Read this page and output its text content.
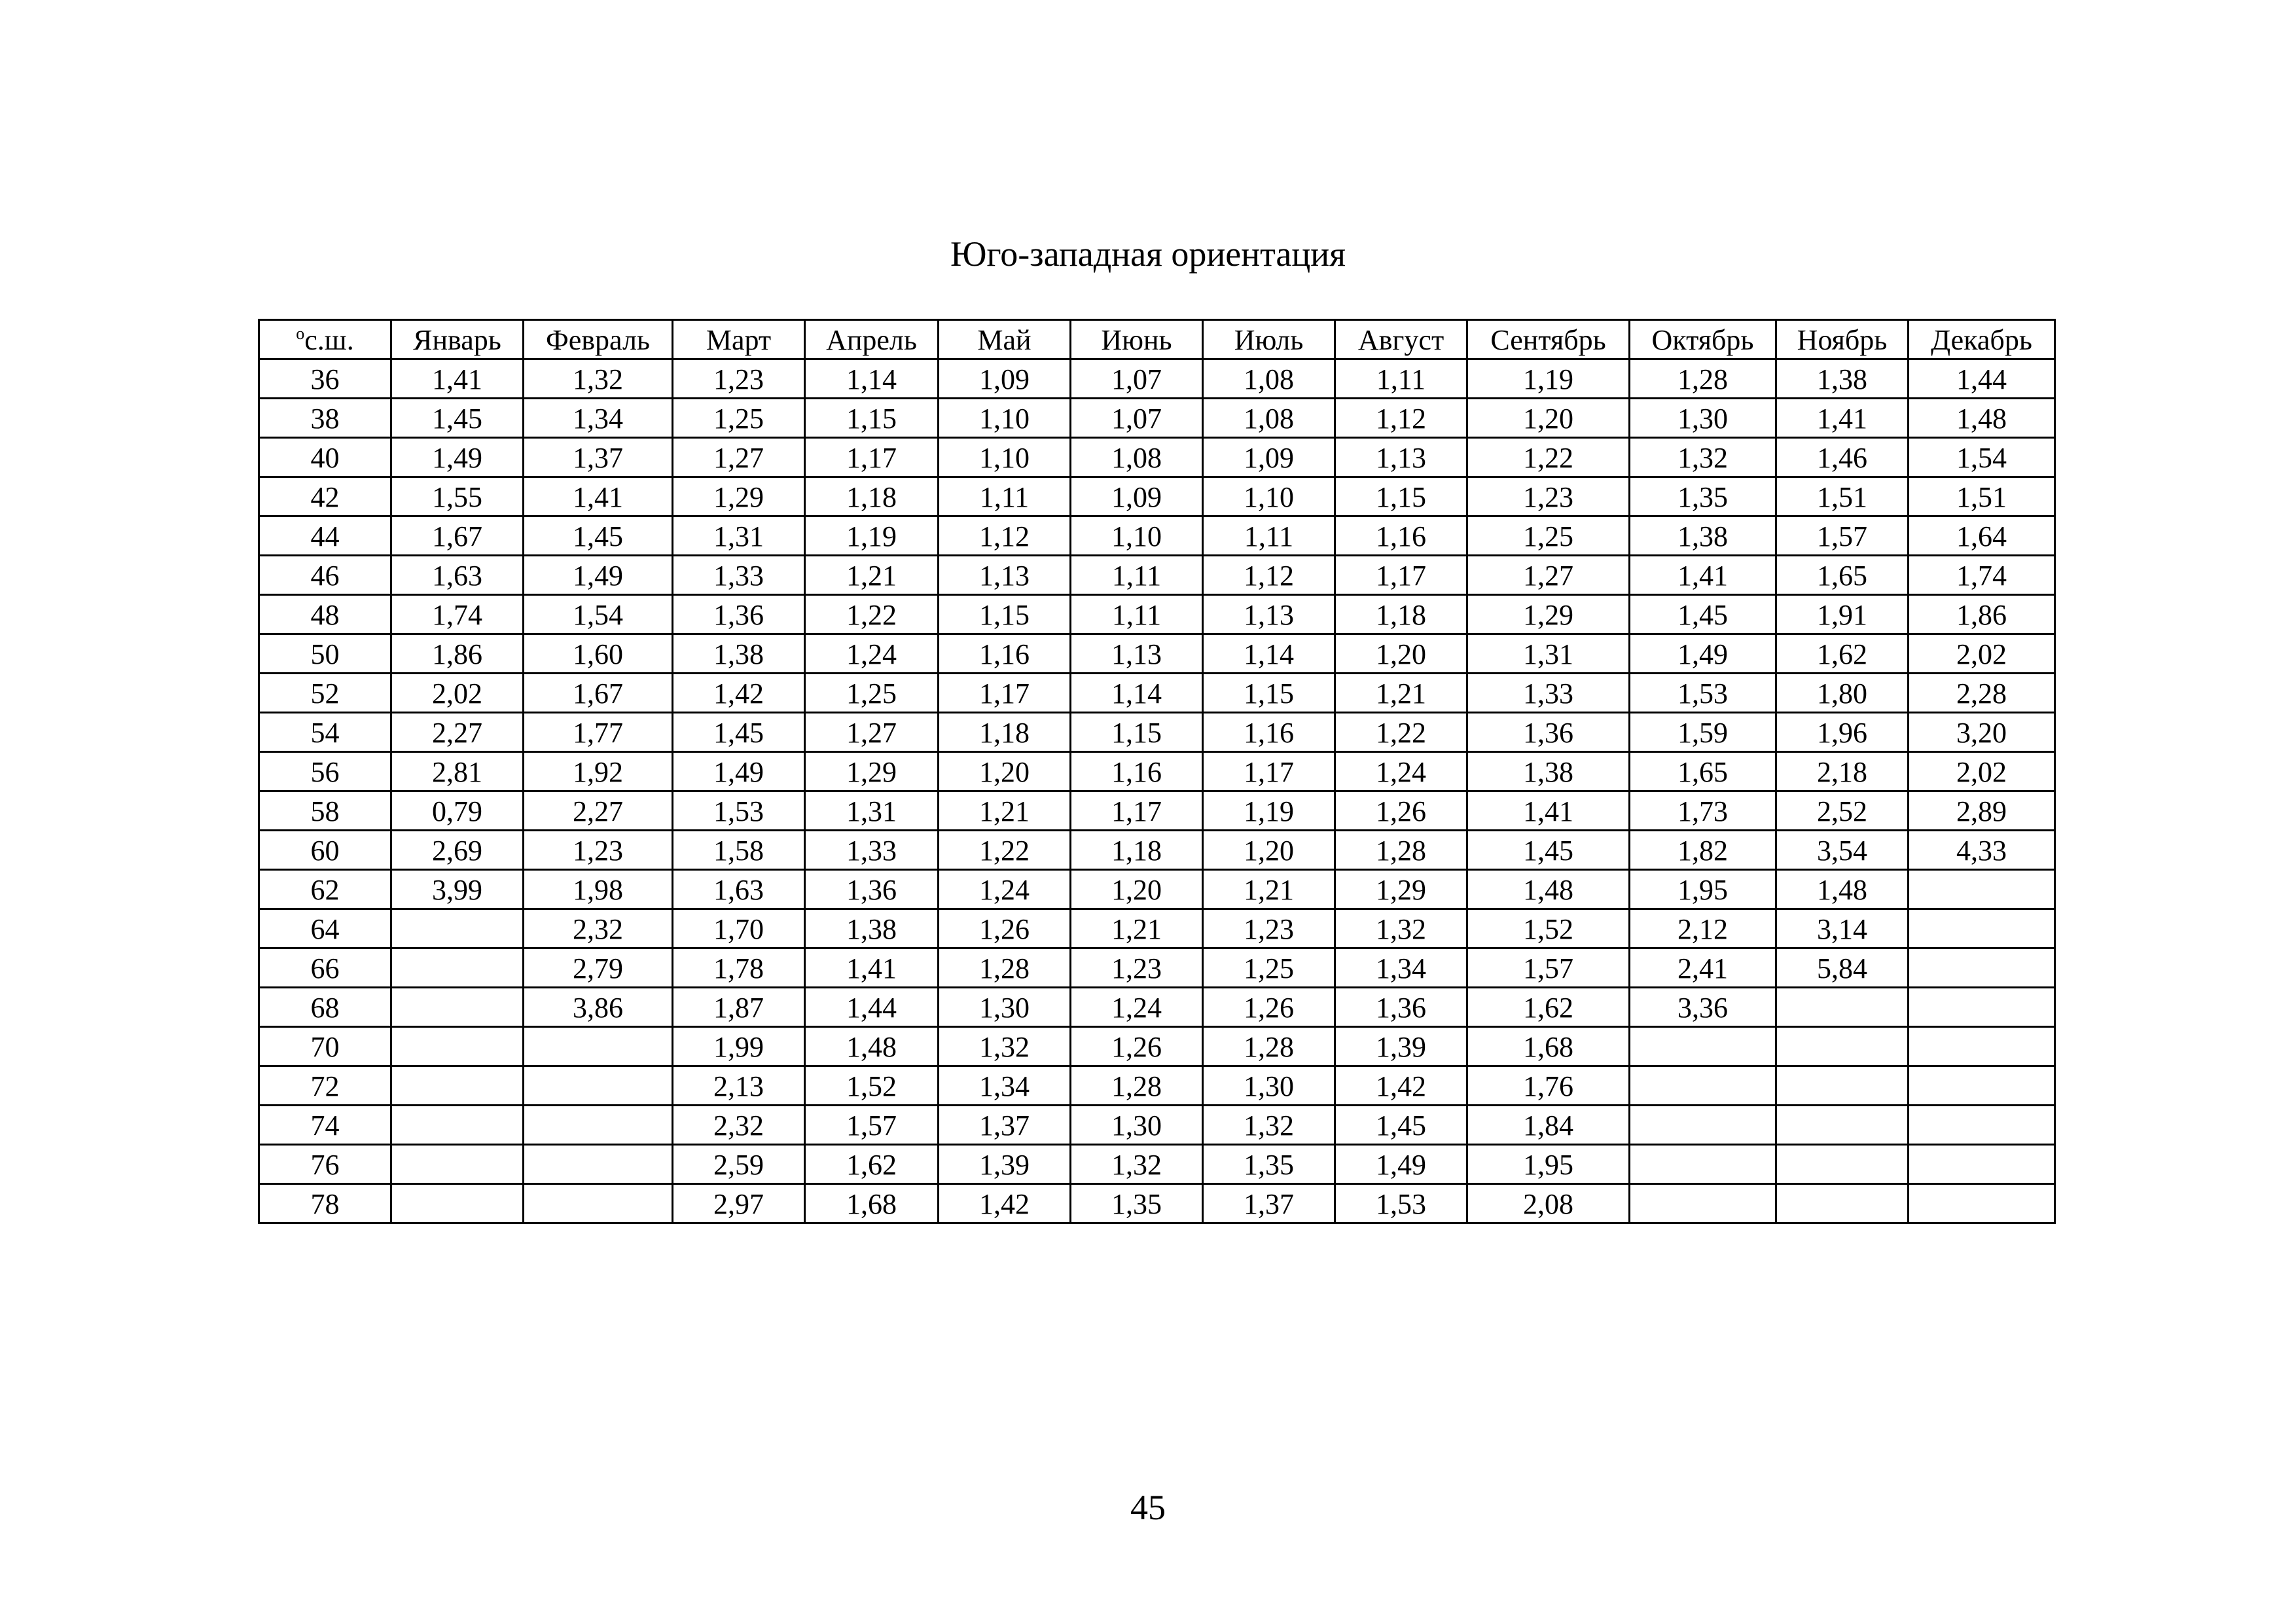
Юго-западная ориентация
$^о$с.ш.	Январь	Февраль	Март	Апрель	Май	Июнь	Июль	Август	Сентябрь	Октябрь	Ноябрь	Декабрь
36	1,41	1,32	1,23	1,14	1,09	1,07	1,08	1,11	1,19	1,28	1,38	1,44
38	1,45	1,34	1,25	1,15	1,10	1,07	1,08	1,12	1,20	1,30	1,41	1,48
40	1,49	1,37	1,27	1,17	1,10	1,08	1,09	1,13	1,22	1,32	1,46	1,54
42	1,55	1,41	1,29	1,18	1,11	1,09	1,10	1,15	1,23	1,35	1,51	1,51
44	1,67	1,45	1,31	1,19	1,12	1,10	1,11	1,16	1,25	1,38	1,57	1,64
46	1,63	1,49	1,33	1,21	1,13	1,11	1,12	1,17	1,27	1,41	1,65	1,74
48	1,74	1,54	1,36	1,22	1,15	1,11	1,13	1,18	1,29	1,45	1,91	1,86
50	1,86	1,60	1,38	1,24	1,16	1,13	1,14	1,20	1,31	1,49	1,62	2,02
52	2,02	1,67	1,42	1,25	1,17	1,14	1,15	1,21	1,33	1,53	1,80	2,28
54	2,27	1,77	1,45	1,27	1,18	1,15	1,16	1,22	1,36	1,59	1,96	3,20
56	2,81	1,92	1,49	1,29	1,20	1,16	1,17	1,24	1,38	1,65	2,18	2,02
58	0,79	2,27	1,53	1,31	1,21	1,17	1,19	1,26	1,41	1,73	2,52	2,89
60	2,69	1,23	1,58	1,33	1,22	1,18	1,20	1,28	1,45	1,82	3,54	4,33
62	3,99	1,98	1,63	1,36	1,24	1,20	1,21	1,29	1,48	1,95	1,48	
64		2,32	1,70	1,38	1,26	1,21	1,23	1,32	1,52	2,12	3,14	
66		2,79	1,78	1,41	1,28	1,23	1,25	1,34	1,57	2,41	5,84	
68		3,86	1,87	1,44	1,30	1,24	1,26	1,36	1,62	3,36		
70			1,99	1,48	1,32	1,26	1,28	1,39	1,68			
72			2,13	1,52	1,34	1,28	1,30	1,42	1,76			
74			2,32	1,57	1,37	1,30	1,32	1,45	1,84			
76			2,59	1,62	1,39	1,32	1,35	1,49	1,95			
78			2,97	1,68	1,42	1,35	1,37	1,53	2,08			
45
